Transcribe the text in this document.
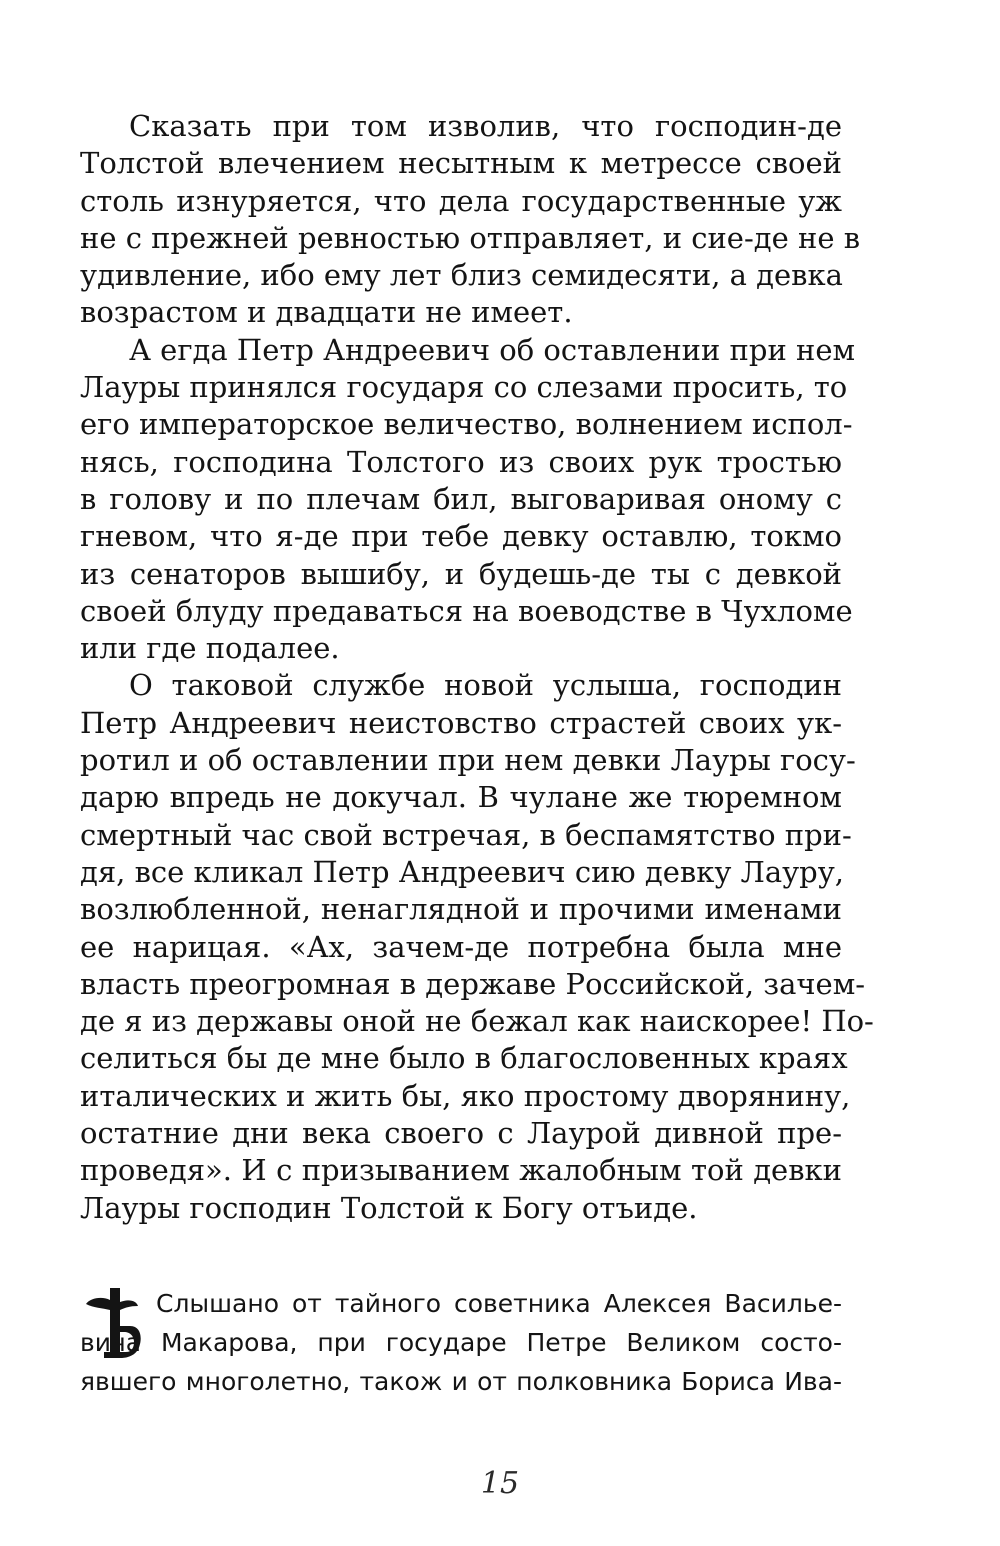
Сказать при том изволив, что господин-де
Толстой влечением несытным к метрессе своей
столь изнуряется, что дела государственные уж
не с прежней ревностью отправляет, и сие-де не в
удивление, ибо ему лет близ семидесяти, а девка
возрастом и двадцати не имеет.
А егда Петр Андреевич об оставлении при нем
Лауры принялся государя со слезами просить, то
его императорское величество, волнением испол-
нясь, господина Толстого из своих рук тростью
в голову и по плечам бил, выговаривая оному с
гневом, что я-де при тебе девку оставлю, токмо
из сенаторов вышибу, и будешь-де ты с девкой
своей блуду предаваться на воеводстве в Чухломе
или где подалее.
О таковой службе новой услыша, господин
Петр Андреевич неистовство страстей своих ук-
ротил и об оставлении при нем девки Лауры госу-
дарю впредь не докучал. В чулане же тюремном
смертный час свой встречая, в беспамятство при-
дя, все кликал Петр Андреевич сию девку Лауру,
возлюбленной, ненаглядной и прочими именами
ее нарицая. «Ах, зачем-де потребна была мне
власть преогромная в державе Российской, зачем-
де я из державы оной не бежал как наискорее! По-
селиться бы де мне было в благословенных краях
италических и жить бы, яко простому дворянину,
остатние дни века своего с Лаурой дивной пре-
проведя». И с призыванием жалобным той девки
Лауры господин Толстой к Богу отъиде.
Слышано от тайного советника Алексея Василье-
вича Макарова, при государе Петре Великом состо-
явшего многолетно, також и от полковника Бориса Ива-
15
